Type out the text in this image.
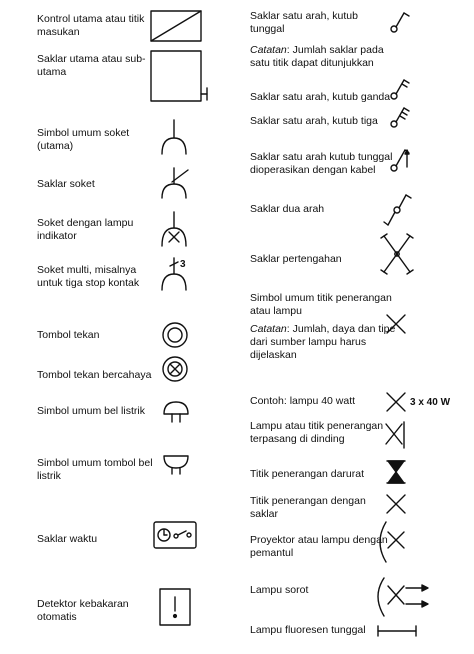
Kontrol utama atau titik
masukan
Saklar utama atau sub-
utama
Simbol umum soket
(utama)
Saklar soket
Soket dengan lampu
indikator
Soket multi, misalnya
untuk tiga stop kontak
Tombol tekan
Tombol tekan bercahaya
Simbol umum bel listrik
Simbol umum tombol bel
listrik
Saklar waktu
Detektor kebakaran
otomatis
3
Saklar satu arah, kutub
tunggal
Catatan: Jumlah saklar pada
satu titik dapat ditunjukkan
Saklar satu arah, kutub ganda
Saklar satu arah, kutub tiga
Saklar satu arah kutub tunggal
dioperasikan dengan kabel
Saklar dua arah
Saklar pertengahan
Simbol umum titik penerangan
atau lampu
Catatan: Jumlah, daya dan tipe
dari sumber lampu harus
dijelaskan
Contoh: lampu 40 watt
Lampu atau titik penerangan
terpasang di dinding
Titik penerangan darurat
Titik penerangan dengan
saklar
Proyektor atau lampu dengan
pemantul
Lampu sorot
Lampu fluoresen tunggal
3 x 40 W
